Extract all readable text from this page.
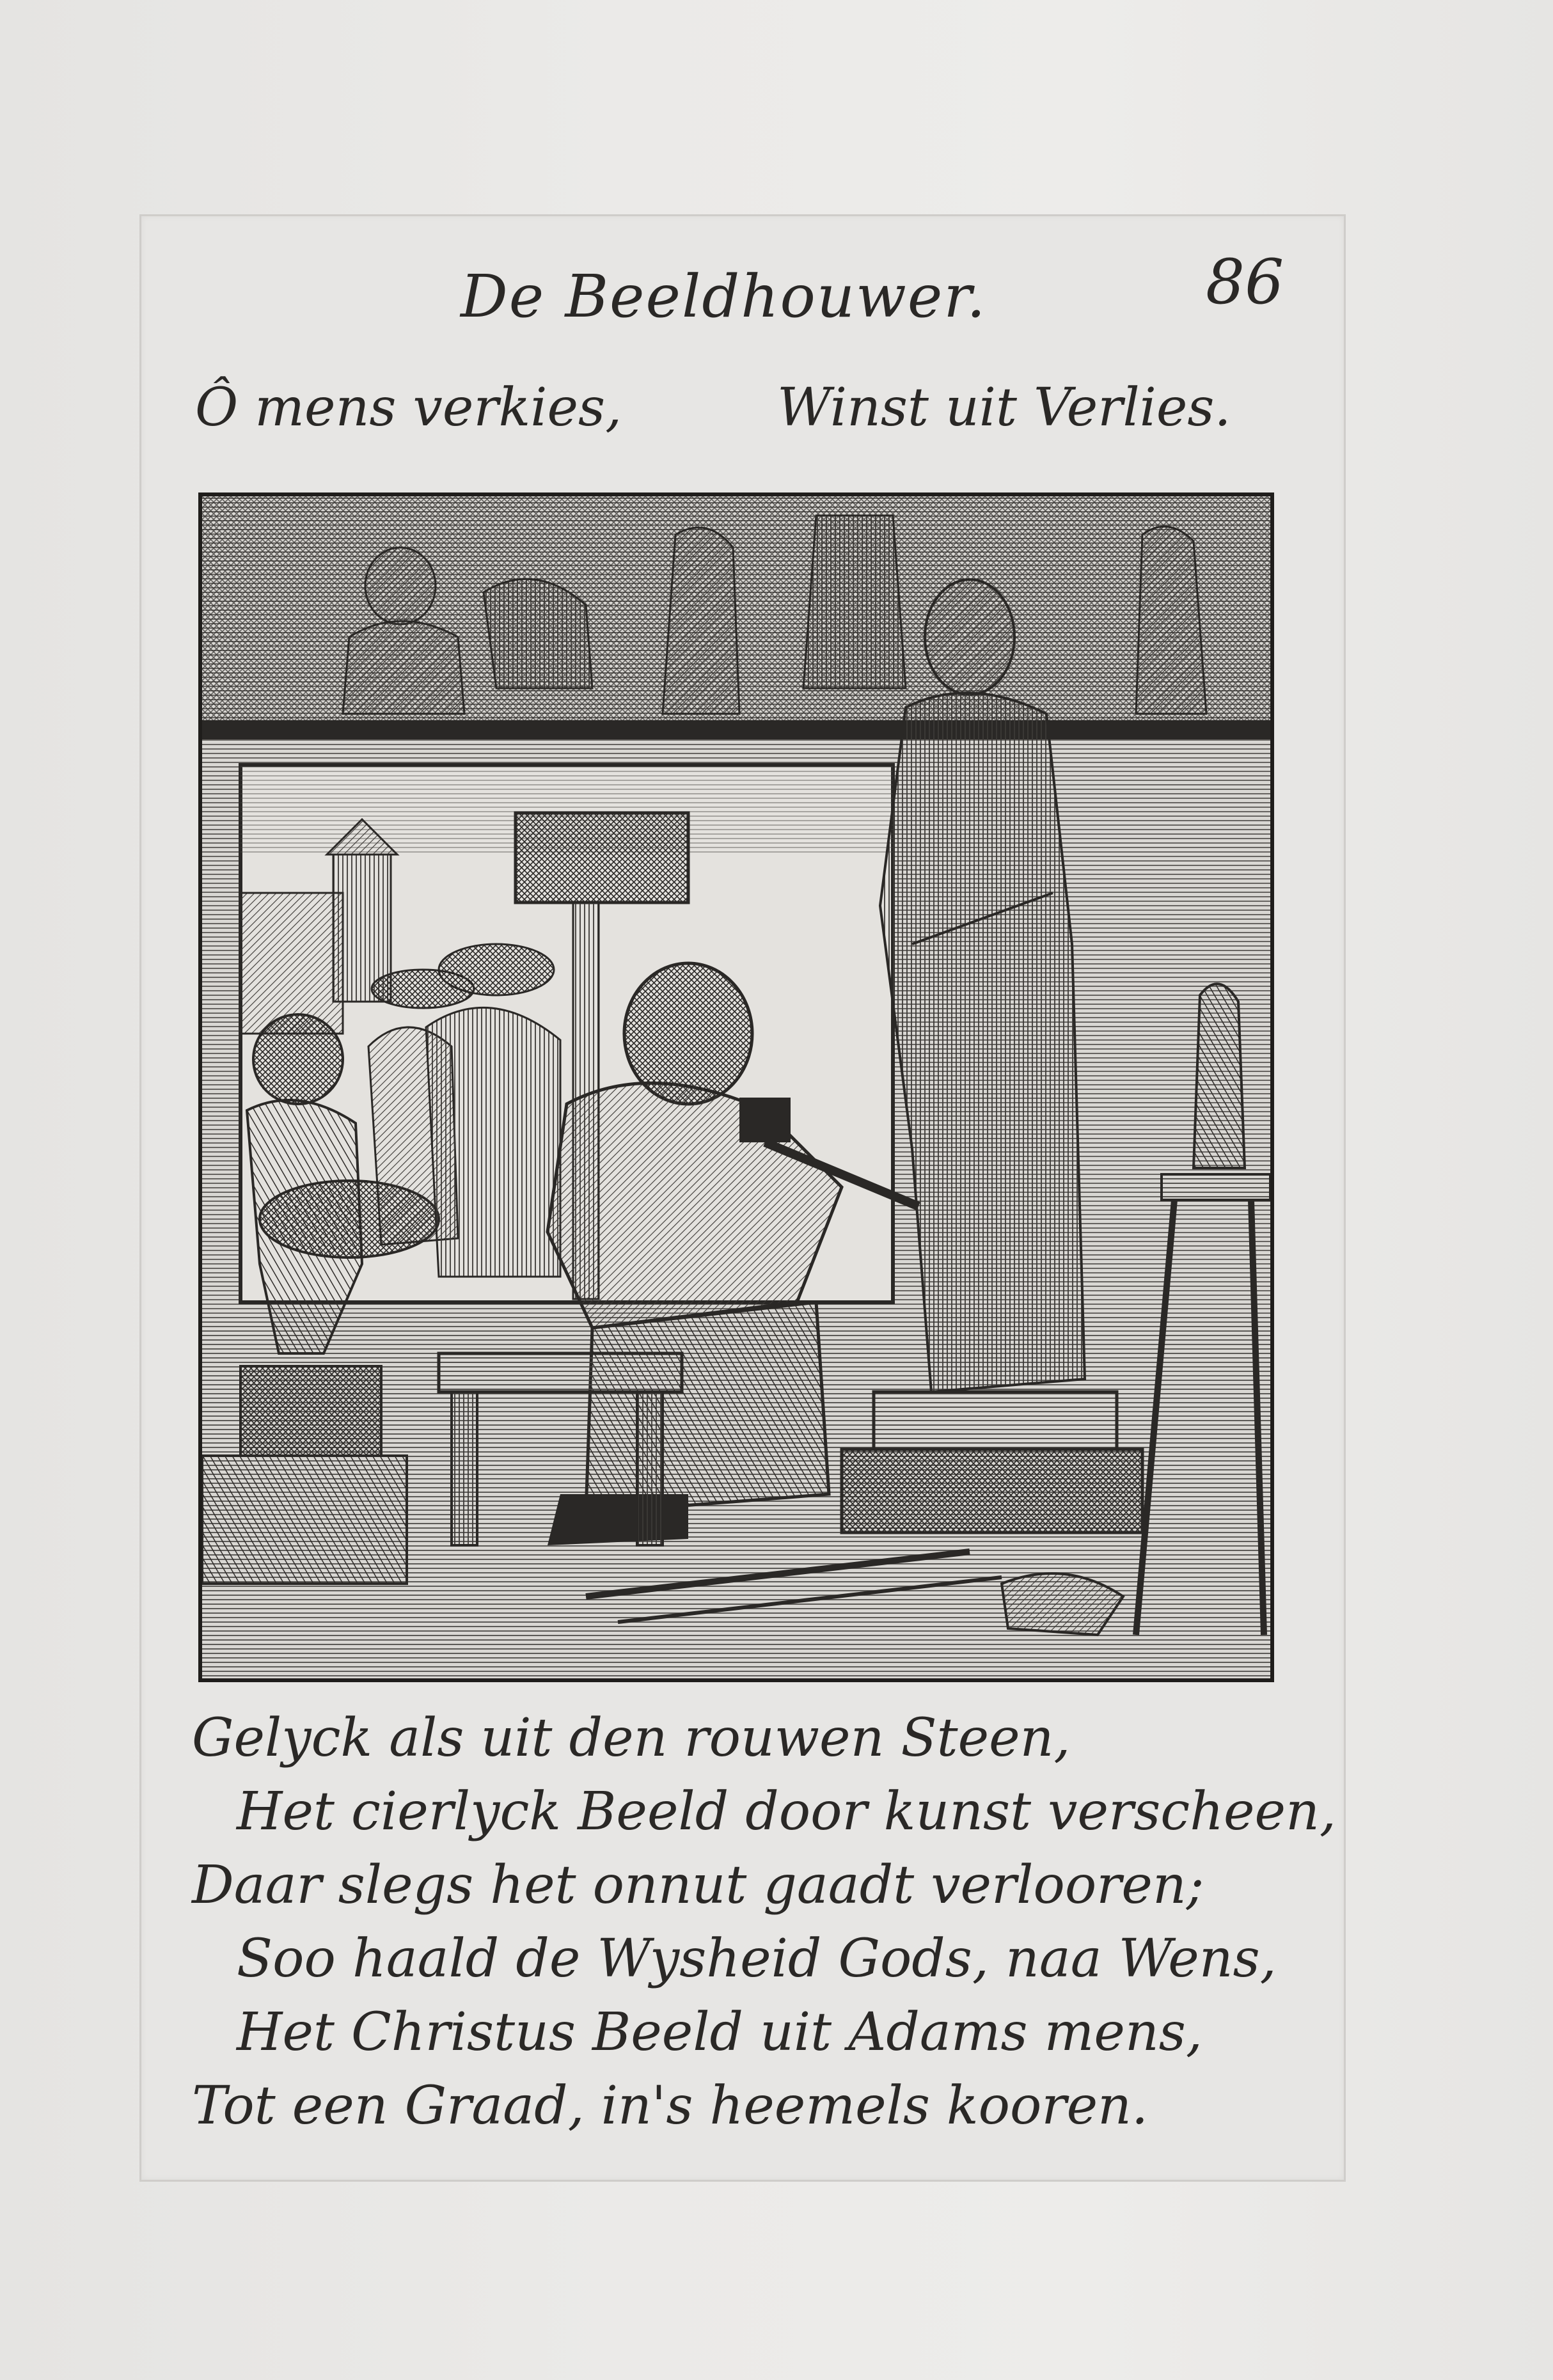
De Beeldhouwer.	86
Ô mens verkies,	Winst uit Verlies.
Gelyck als uit den rouwen Steen,
Het cierlyck Beeld door kunst verscheen,
Daar slegs het onnut gaadt verlooren;
Soo haald de Wysheid Gods, naa Wens,
Het Christus Beeld uit Adams mens,
Tot een Graad, in's heemels kooren.
